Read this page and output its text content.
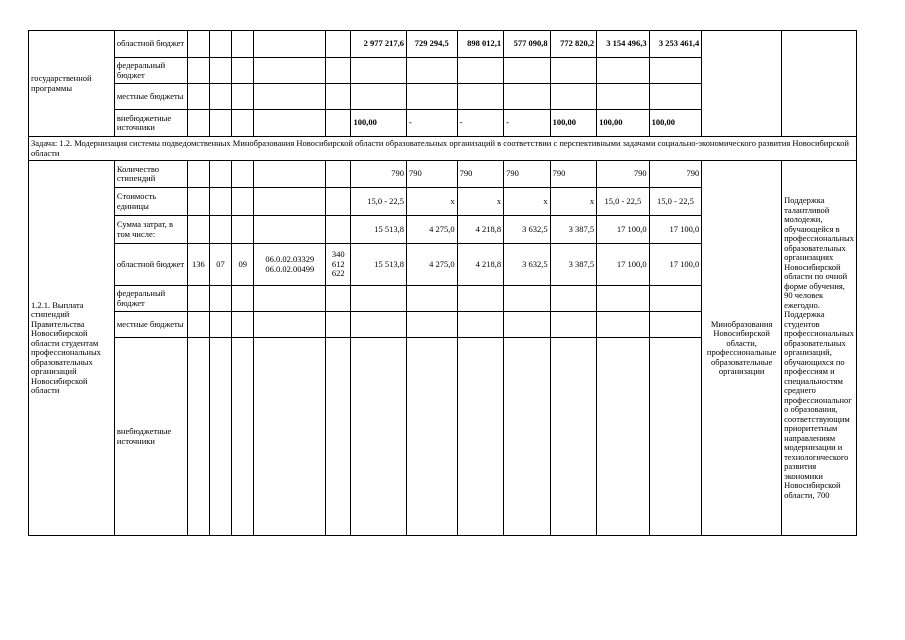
государственной программы	областной бюджет						2 977 217,6	729 294,5	898 012,1	577 090,8	772 820,2	3 154 496,3	3 253 461,4		
	федеральный бюджет														
	местные бюджеты														
	внебюджетные источники						100,00	-	-	-	100,00	100,00	100,00		
Задача: 1.2. Модернизация системы подведомственных Минобразования Новосибирской области образовательных организаций в соответствии с перспективными задачами социально-экономического развития Новосибирской области															
1.2.1. Выплата стипендий Правительства Новосибирской области студентам профессиональных образовательных организаций Новосибирской области	Количество стипендий						790	790	790	790	790	790	790	Минобразования Новосибирской области, профессиональные образовательные организации	Поддержка талантливой молодежи, обучающейся в профессиональных образовательных организациях Новосибирской области по очной форме обучения, 90 человек ежегодно. Поддержка студентов профессиональных образовательных организаций, обучающихся по профессиям и специальностям среднего профессионального образования, соответствующим приоритетным направлениям модернизации и технологического развития экономики Новосибирской области, 700
	Стоимость единицы						15,0 - 22,5	x	x	x	x	15,0 - 22,5	15,0 - 22,5		
	Сумма затрат, в том числе:						15 513,8	4 275,0	4 218,8	3 632,5	3 387,5	17 100,0	17 100,0		
	областной бюджет	136	07	09	06.0.02.03329
06.0.02.00499	340
612
622	15 513,8	4 275,0	4 218,8	3 632,5	3 387,5	17 100,0	17 100,0		
	федеральный бюджет														
	местные бюджеты														
	внебюджетные источники														
